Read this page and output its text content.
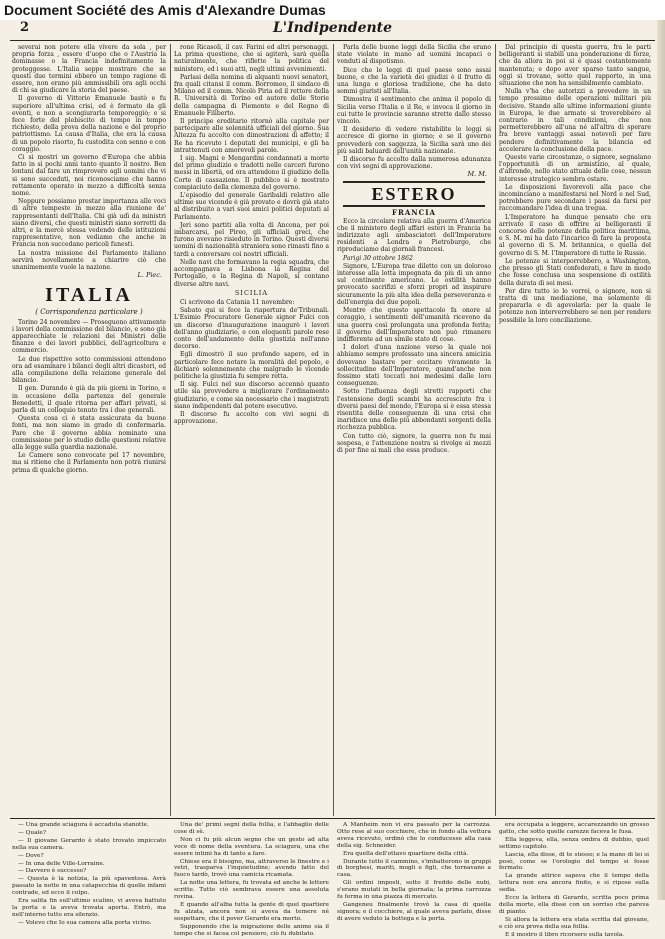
Document Société des Amis d'Alexandre Dumas
2	L'Indipendente

severai non potere ella vivere da sola , per propria forza , essere d'uopo che o l'Austria la dominasse o la Francia indefinitamente la proteggesse. L'Italia seppe mostrare che se questi due termini ebbero un tempo ragione di essere, non erano più ammissibili ora agli occhi di chi sa giudicare la storia del paese.

Il governo di Vittorio Emanuele bastò e fu superiore all'ultima crisi, ed è fermato da gli eventi, e non a scongiurarla temporeggiò; e si fece forte del plebiscito di tempo in tempo richiesto, della prova della nazione e del proprio patriottismo. La causa d'Italia, che era la causa di un popolo risorto, fu custodita con senno e con coraggio.

Ci si mostri un governo d'Europa che abbia fatto in sì pochi anni tanto quanto il nostro. Ben lontani dal fare un rimprovero agli uomini che vi si sono succeduti, noi riconosciamo che hanno rettamente operato in mezzo a difficoltà senza nome.

Neppure possiamo prestar importanza alle voci di altre tempeste in mezzo alla riunione de' rappresentanti dell'Italia. Chi già udì da ministri siano diversi, che questi ministri siano sorretti da altri, e la mercè stessa vedendo delle istituzioni rappresentative, non vediamo che anche in Francia non succedano pericoli funesti.

La nostra missione del Parlamento italiano servirà novellamente a chiarire ciò che unanimemente vuole la nazione.

L. Piec.
ITALIA
( Corrispondenza particolare )

Torino 24 novembre — Proseguono attivamente i lavori della commissione del bilancio, e sono già apparecchiate le relazioni dei Ministri delle finanze e dei lavori pubblici, dell'agricoltura e commercio.

Le due rispettive sotto commissioni attendono ora ad esaminare i bilanci degli altri dicasteri, ed alla compilazione della relazione generale del bilancio.

Il gen. Durando è già da più giorni in Torino, e in occasione della partenza del generale Benedetti, il quale ritorna per affari privati, si parla di un colloquio tenuto tra i due generali.

Questa cosa ci è stata assicurata da buone fonti, ma non siamo in grado di confermarla. Pare che il governo abbia nominato una commissione per lo studio delle questioni relative alla legge sulla guardia nazionale.

Le Camere sono convocate pel 17 novembre, ma si ritiene che il Parlamento non potrà riunirsi prima di qualche giorno.

rone Ricasoli, il cav. Farini ed altri personaggi. La prima questione, che si agiterà, sarà quella naturalmente, che riflette la politica del ministero, ed i suoi atti, negli ultimi avvenimenti.

Parlasi della nomina di alquanti nuovi senatori, fra quali citansi il comm. Borromeo, il sindaco di Milano ed il comm. Nicolò Piria ed il rettore della R. Università di Torino ed autore delle Storie della campagna di Piemonte e del Regno di Emanuele Filiberto.

Il principe ereditario ritornò alla capitale per partecipare alle solennità ufficiali del giorno. Sua Altezza fu accolto con dimostrazioni di affetto; il Re ha ricevuto i deputati dei municipi, e gli ha intrattenuti con amorevoli parole.

I sig. Magni e Mengardini condannati a morte del primo giudizio e tradotti nelle carceri furono messi in libertà, ed ora attendono il giudizio della Corte di cassazione. Il pubblico si è mostrato compiaciuto della clemenza del governo.

L'episodio del generale Garibaldi relativo alle ultime sue vicende è già provato e dovrà già stato al distribuito a vari suoi amici politici deputati al Parlamento.

Jeri sono partiti alla volta di Ancona, per poi imbarcarsi, pel Pireo, gli ufficiali greci, che furono avevano risieduto in Torino. Questi diversi uomini di nazionalità straniera sono rimasti fino a tardi a conversare coi nostri ufficiali.

Nelle navi che formavano la regia squadra, che accompagnava a Lisbona la Regina del Portogallo, e la Regina di Napoli, si contano diverse altre navi.

SICILIA

Ci scrivono da Catania 11 novembre:

Sabato qui si fece la riapertura de'Tribunali. L'Esimio Procuratore Generale signor Fulci con un discorso d'inaugurazione inaugurò i lavori dell'anno giudiziario, e con eloquenti parole rese conto dell'andamento della giustizia nell'anno decorso.

Egli dimostrò il suo profondo sapere, ed in particolare fece notare la moralità del popolo, e dichiarò solennemente che malgrado le vicende politiche la giustizia fu sempre retta.

Il sig. Fulci nel suo discorso accennò quanto utile sia provvedere a migliorare l'ordinamento giudiziario, e come sia necessario che i magistrati siano indipendenti dal potere esecutivo.

Il discorso fu accolto con vivi segni di approvazione.

Parla delle buone leggi della Sicilia che erano state violate in mano ad uomini incapaci o venduti al dispotismo.

Dice che le leggi di quel paese sono assai buone, e che la varietà dei giudizi è il frutto di una lunga e gloriosa tradizione, che ha dato sommi giuristi all'Italia.

Dimostra il sentimento che anima il popolo di Sicilia verso l'Italia e il Re, e invoca il giorno in cui tutte le provincie saranno strette dallo stesso vincolo.

Il desiderio di vedere ristabilite le leggi si accresce di giorno in giorno; e se il governo provvederà con saggezza, la Sicilia sarà uno dei più saldi baluardi dell'unità nazionale.

Il discorso fu accolto dalla numerosa adunanza con vivi segni di approvazione.

M. M.
ESTERO
FRANCIA

Ecco la circolare relativa alla guerra d'America che il ministero degli affari esteri in Francia ha indirizzato agli ambasciatori dell'Imperatore residenti a Londra e Pietroburgo, che riproduciamo dai giornali francesi.

Parigi 30 ottobre 1862

Signore, L'Europa trae diletto con un doloroso interesse alla lotta impegnata da più di un anno sul continente americano. Le ostilità hanno provocato sacrifizi e sforzi propri ad inspirare sicuramente la più alta idea della perseveranza e dell'energia dei due popoli.

Mentre che questo spettacolo fa onore al coraggio, i sentimenti dell'umanità ricevono da una guerra così prolungata una profonda ferita; il governo dell'Imperatore non può rimanere indifferente ad un simile stato di cose.

I dolori d'una nazione verso la quale noi abbiamo sempre professato una sincera amicizia dovevano bastare per eccitare vivamente la sollecitudine dell'Imperatore, quand'anche non fossimo stati toccati noi medesimi dalle loro conseguenze.

Sotto l'influenza degli stretti rapporti che l'estensione degli scambi ha accresciuto fra i diversi paesi del mondo, l'Europa si è essa stessa risentita delle conseguenze di una crisi che inaridisce una delle più abbondanti sorgenti della ricchezza pubblica.

Con tutto ciò, signore, la guerra non fu mai sospesa, e l'attenzione nostra si rivolge ai mezzi di por fine ai mali che essa produce.

Dal principio di questa guerra, fra le parti belligeranti si stabilì una ponderazione di forze, che da allora in poi si è quasi costantemente mantenuta; e dopo aver sparso tanto sangue, oggi si trovano, sotto quel rapporto, in una situazione che non ha sensibilmente cambiato.

Nulla v'ha che autorizzi a prevedere in un tempo prossimo delle operazioni militari più decisive. Stando alle ultime informazioni giunte in Europa, le due armate si troverebbero al contrario in tali condizioni, che non permetterebbero all'una né all'altra di sperare fra breve vantaggi assai notevoli per fare pendere definitivamente la bilancia ed accelerare la conclusione della pace.

Queste varie circostanze, o signore, segnalano l'opportunità di un armistizio, al quale, d'altronde, nello stato attuale delle cose, nessun interesse strategico sembra ostare.

Le disposizioni favorevoli alla pace che incominciano a manifestarsi nel Nord e nel Sud, potrebbero pure secondare i passi da farsi per raccomandare l'idea di una tregua.

L'Imperatore ha dunque pensato che era arrivato il caso di offrire ai belligeranti il concorso delle potenze della politica marittima, e S. M. mi ha dato l'incarico di fare la proposta al governo di S. M. britannica, e quella del governo di S. M. l'Imperatore di tutte le Russie.

Le potenze si interporrebbero, a Washington, che presso gli Stati confederati, e fare in modo che fosse conclusa una sospensione di ostilità della durata di sei mesi.

Per dire tutto io lo vorrei, o signore, non si tratta di una mediazione, ma solamente di prepararla e di agevolarla: per la quale le potenze non interverrebbero se non per rendere possibile la loro conciliazione.

— Una grande sciagura è accaduta stanotte.

— Quale?

— Il giovane Gerardo è stato trovato impiccato nella sua camera.

— Dove?

— In una delle Ville-Lorraine.

— Davvero è successo?

— Questa è la notizia, la più spaventosa. Avrà passato la notte in una catapecchia di quelle infami contrade, ed ecco il colpo.

Era salita fin sull'ultimo scalino, vi aveva battuto la porta e la aveva trovata aperta. Entrò, ma nell'interno tutto era silenzio.

— Volevo che Io sua camera alla porta vicino.

Una de' primi segni della follia, e l'abbaglio delle cose di sè.

Non ci fu più alcun segno che un gesto ad alta voce di nome della sventura. La sciagura, una che essere intimi ha di tanto a fare.

Chiese era il bisogno, ma, attraverso le finestre e i vetri, trasparva l'inquietudine; avendo fatto del fuoco tardò, trovò una camicia ricamata.

La notte una lettera, fu trovata ed anche le lettere scritte. Tutto ciò sembrava essere una assoluta rovina.

E quando all'alba tutta la gente di quel quartiere fu alzata, ancora non si aveva da temere né sospettare, che il pover Gerardo era morto.

Supponendo che la migrazione delle anime sia il tempo che si facea col pensiero, ciò fu dubitato.

A Manheim non vi era passato per la carrozza. Otto rese al suo cocchiere, che in fondo alla vettura aveva ricevuto, ordinò che lo conducesse alla casa della sig. Schneider.

Era quella dell'ottavo quartiere della città.

Durante tutto il cammino, s'imbatterono in gruppi di borghesi, mariti, mogli e figli, che tornavano a casa.

Gli ordini imposti, sotto il freddo delle nubi, s'erano mutati in bella giornata; la prima carrozza fu ferma in una piazza di mercato.

Gangeneu finalmente trovò la casa di quella signora; e il cocchiere, al quale aveva parlato, disse di avere veduto la bottega e la porta.

era occupata a leggere, accarezzando un grosso gatto, che sotto quelle carezze faceva le fusa.

Ella leggeva, ella, senza ombra di dubbio, quel settimo capitolo.

Lascia, ella disse, di te stesso; e la mano di lei si posò, come se l'orologio del tempo si fosse fermato.

La grande attrice sapeva che il tempo della lettura non era ancora finito, e si ripose sulla sedia.

Ecco la lettera di Gerardo, scritta poco prima della morte, ella disse con un sorriso che pareva di pianto.

Si allora la lettera era stata scritta dal giovane, e ciò era prova della sua follia.

E il mostro il libro ricorsero sulla tavola.
